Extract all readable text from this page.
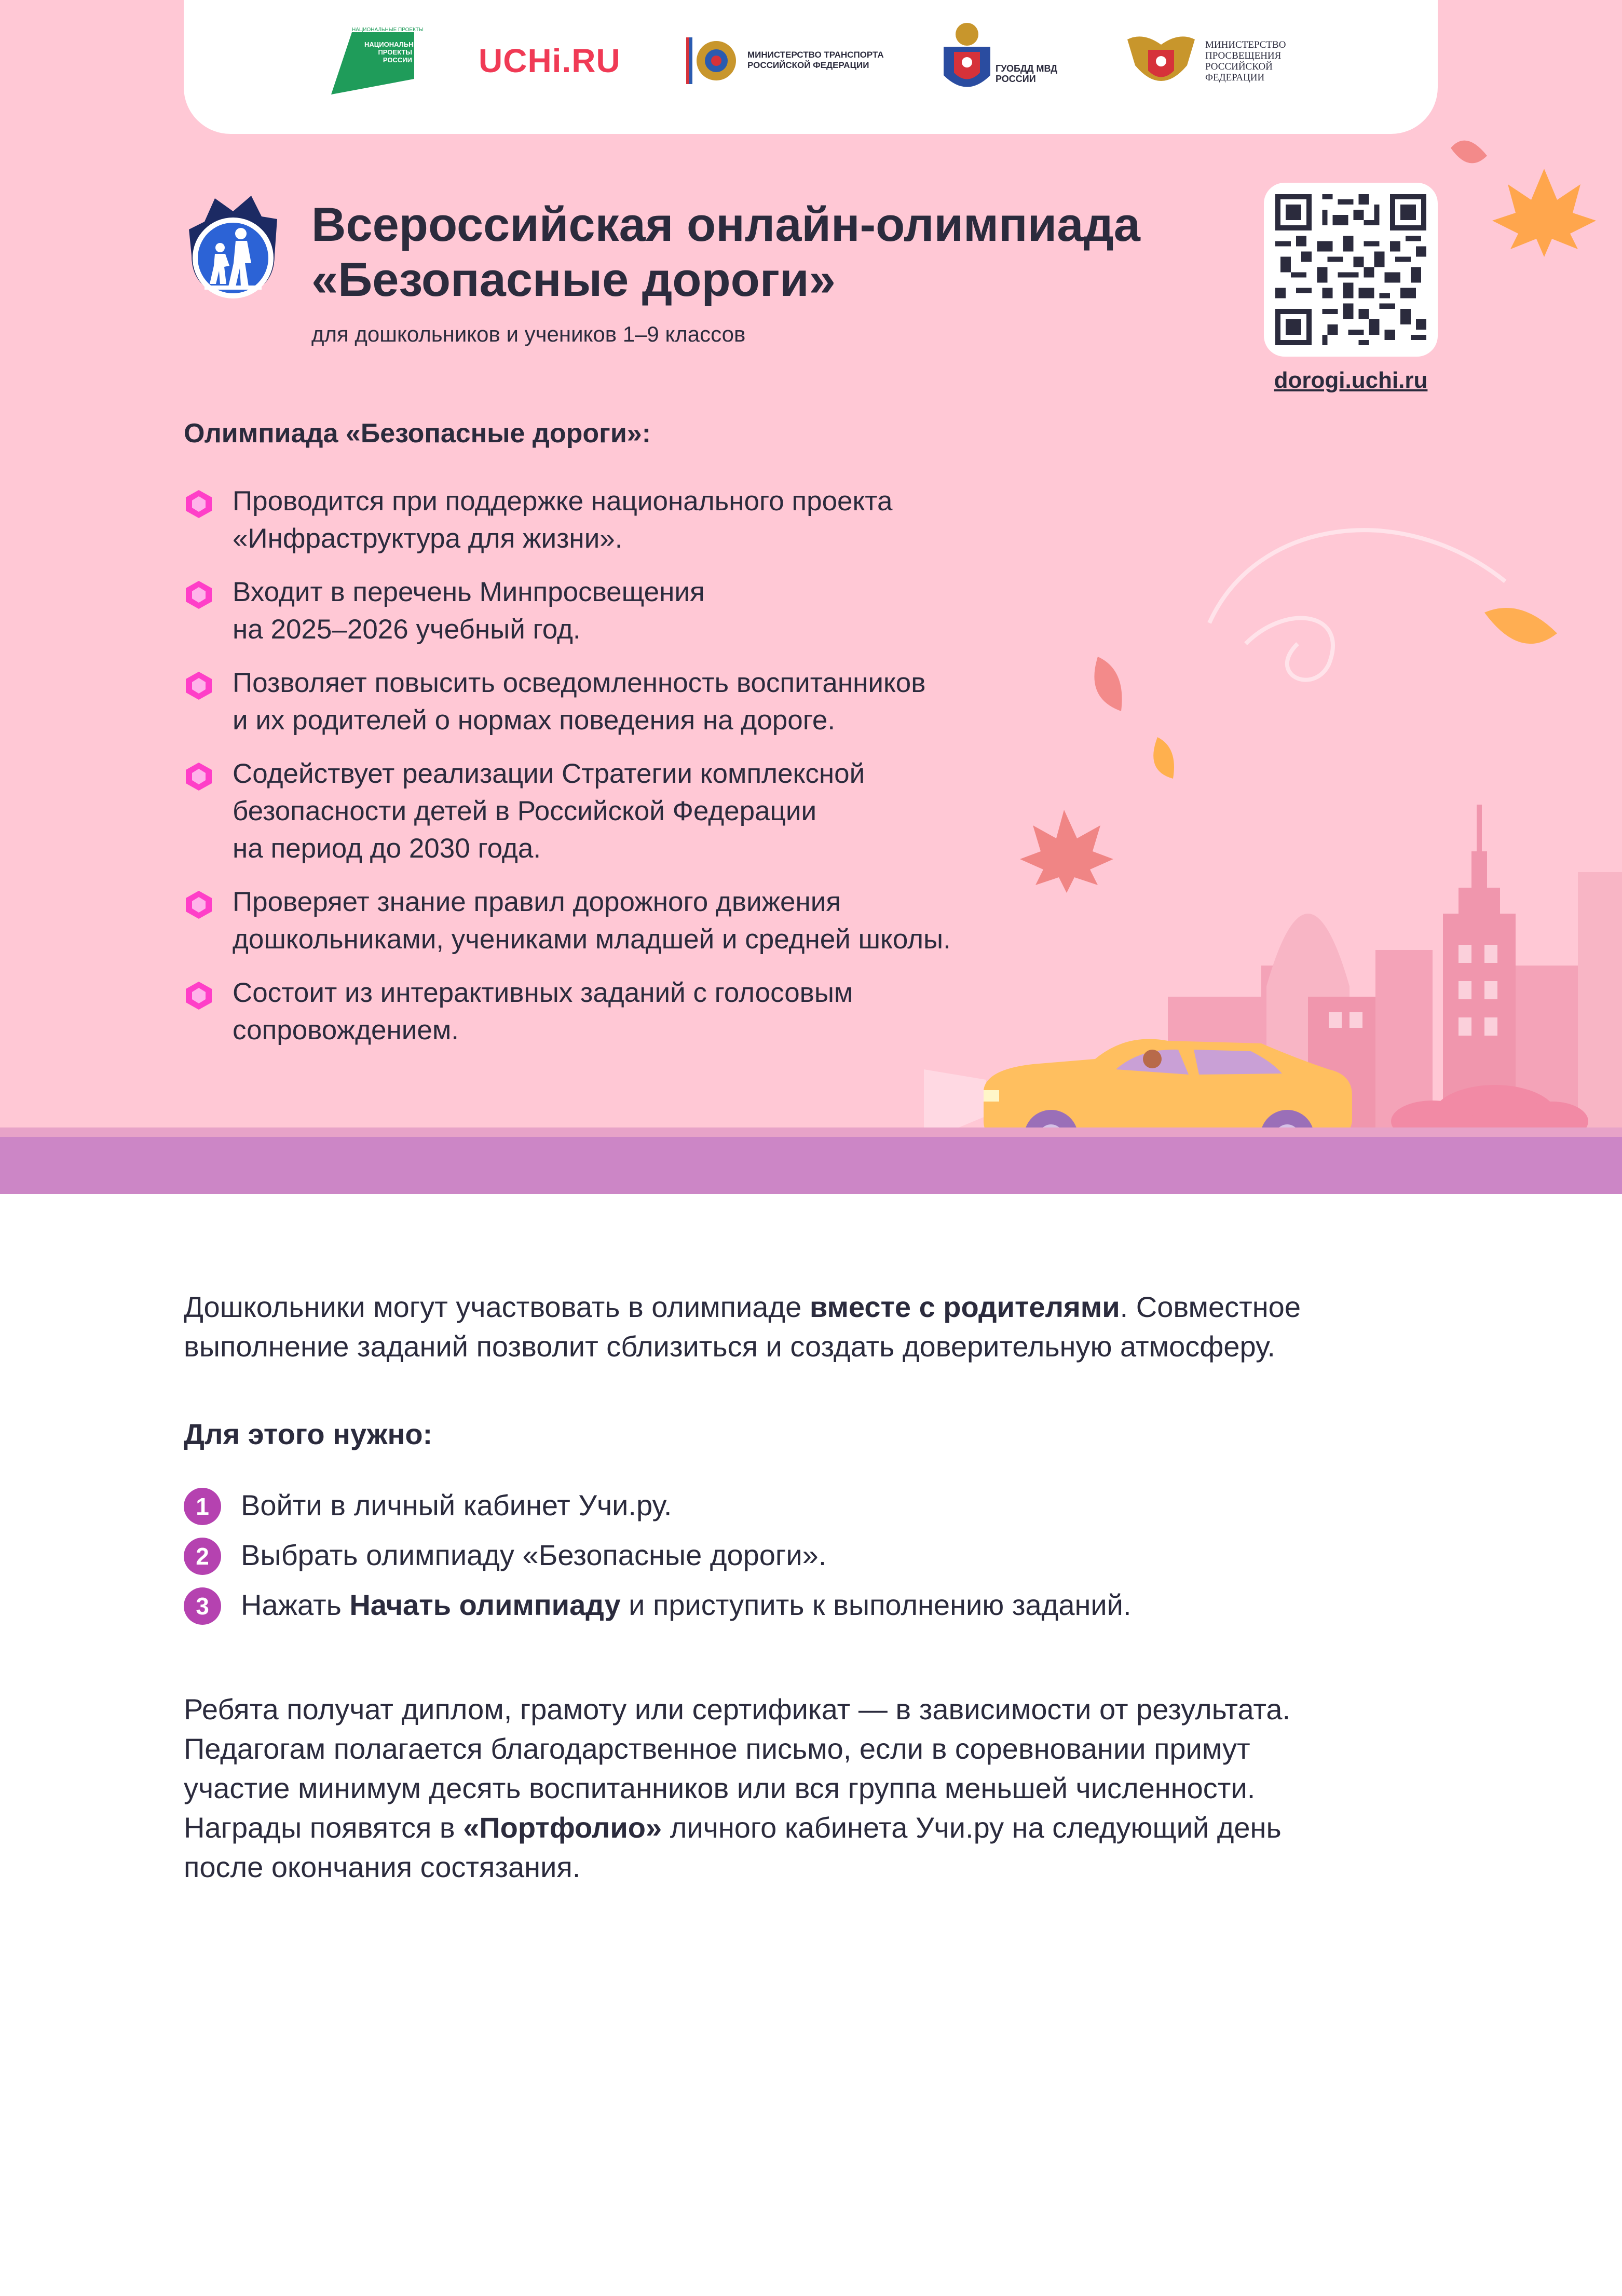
НАЦИОНАЛЬНЫЕ ПРОЕКТЫ
НАЦИОНАЛЬНЫЕ ПРОЕКТЫ РОССИИ UCHi.RU	МИНИСТЕРСТВО ТРАНСПОРТА РОССИЙСКОЙ ФЕДЕРАЦИИ	ГУОБДД МВД РОССИИ
МИНИСТЕРСТВО ПРОСВЕЩЕНИЯ РОССИЙСКОЙ ФЕДЕРАЦИИ
Всероссийская онлайн-олимпиада
«Безопасные дороги»
для дошкольников и учеников 1–9 классов
dorogi.uchi.ru
Олимпиада «Безопасные дороги»:
Проводится при поддержке национального проекта
«Инфраструктура для жизни».
Входит в перечень Минпросвещения
на 2025–2026 учебный год.
Позволяет повысить осведомленность воспитанников
и их родителей о нормах поведения на дороге.
Содействует реализации Стратегии комплексной
безопасности детей в Российской Федерации
на период до 2030 года.
Проверяет знание правил дорожного движения
дошкольниками, учениками младшей и средней школы.
Состоит из интерактивных заданий с голосовым
сопровождением.

Дошкольники могут участвовать в олимпиаде вместе с родителями. Совместное
выполнение заданий позволит сблизиться и создать доверительную атмосферу.

Для этого нужно:
1	Войти в личный кабинет Учи.ру.
2	Выбрать олимпиаду «Безопасные дороги».
3	Нажать Начать олимпиаду и приступить к выполнению заданий.

Ребята получат диплом, грамоту или сертификат — в зависимости от результата.
Педагогам полагается благодарственное письмо, если в соревновании примут
участие минимум десять воспитанников или вся группа меньшей численности.
Награды появятся в «Портфолио» личного кабинета Учи.ру на следующий день
после окончания состязания.
